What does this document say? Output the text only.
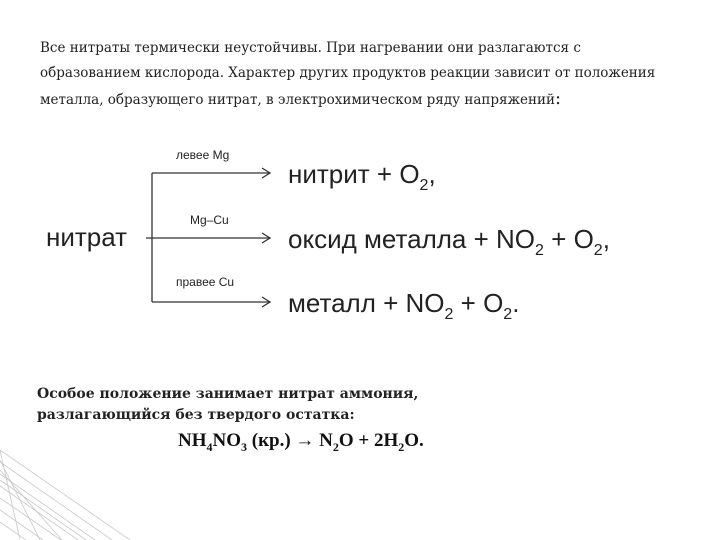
Все нитраты термически неустойчивы. При нагревании они разлагаются с
образованием кислорода. Характер других продуктов реакции зависит от положения
металла, образующего нитрат, в электрохимическом ряду напряжений:
нитрат
левее Mg
Mg–Cu
правее Cu
нитрит + $O_2$,
оксид металла + $NO_2 + O_2$,
металл + $NO_2 + O_2$.
Особое положение занимает нитрат аммония,
разлагающийся без твердого остатка:
$NH_4NO_3$ $(кр.) \to N_2O + 2H_2O$.
